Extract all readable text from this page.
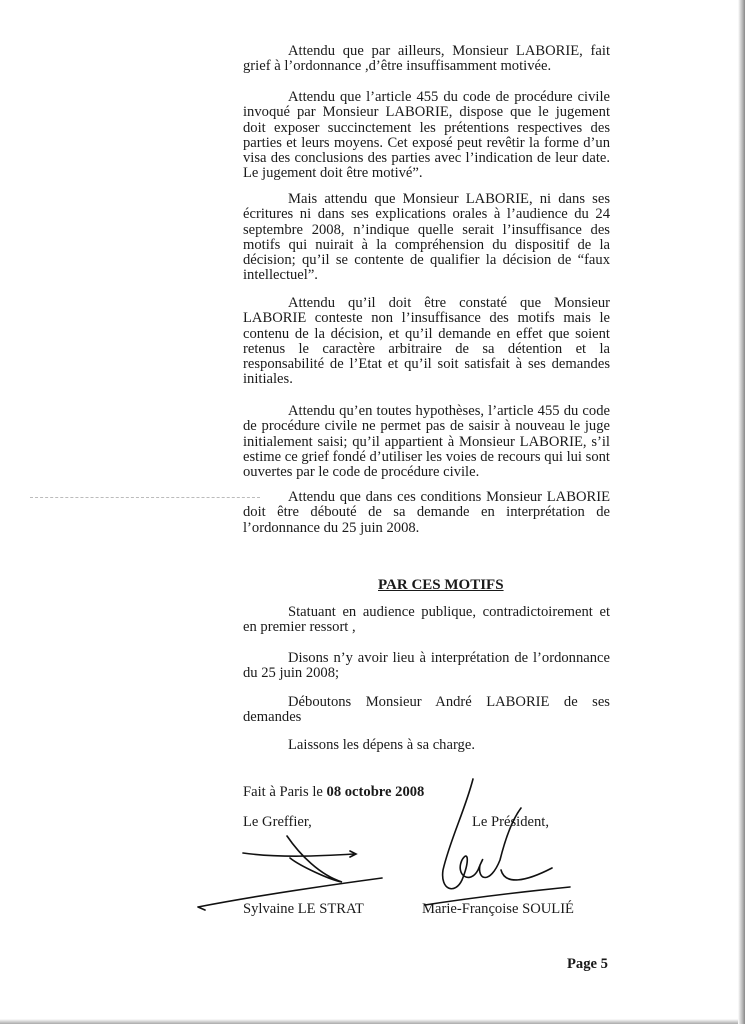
Attendu que par ailleurs, Monsieur LABORIE, fait grief à l’ordonnance ,d’être insuffisamment motivée.

Attendu que l’article 455 du code de procédure civile invoqué par Monsieur LABORIE, dispose que le jugement doit exposer succinctement les prétentions respectives des parties et leurs moyens. Cet exposé peut revêtir la forme d’un visa des conclusions des parties avec l’indication de leur date. Le jugement doit être motivé”.

Mais attendu que Monsieur LABORIE, ni dans ses écritures ni dans ses explications orales à l’audience du 24 septembre 2008, n’indique quelle serait l’insuffisance des motifs qui nuirait à la compréhension du dispositif de la décision; qu’il se contente de qualifier la décision de “faux intellectuel”.

Attendu qu’il doit être constaté que Monsieur LABORIE conteste non l’insuffisance des motifs mais le contenu de la décision, et qu’il demande en effet que soient retenus le caractère arbitraire de sa détention et la responsabilité de l’Etat et qu’il soit satisfait à ses demandes initiales.

Attendu qu’en toutes hypothèses, l’article 455 du code de procédure civile ne permet pas de saisir à nouveau le juge initialement saisi; qu’il appartient à Monsieur LABORIE, s’il estime ce grief fondé d’utiliser les voies de recours qui lui sont ouvertes par le code de procédure civile.

Attendu que dans ces conditions Monsieur LABORIE doit être débouté de sa demande en interprétation de l’ordonnance du 25 juin 2008.

PAR CES MOTIFS

Statuant en audience publique, contradictoirement et en premier ressort ,

Disons n’y avoir lieu à interprétation de l’ordonnance du 25 juin 2008;

Déboutons Monsieur André LABORIE de ses demandes

Laissons les dépens à sa charge.

Fait à Paris le 08 octobre 2008
Le Greffier,	Le Président,
Sylvaine LE STRAT	Marie-Françoise SOULIÉ
Page 5
